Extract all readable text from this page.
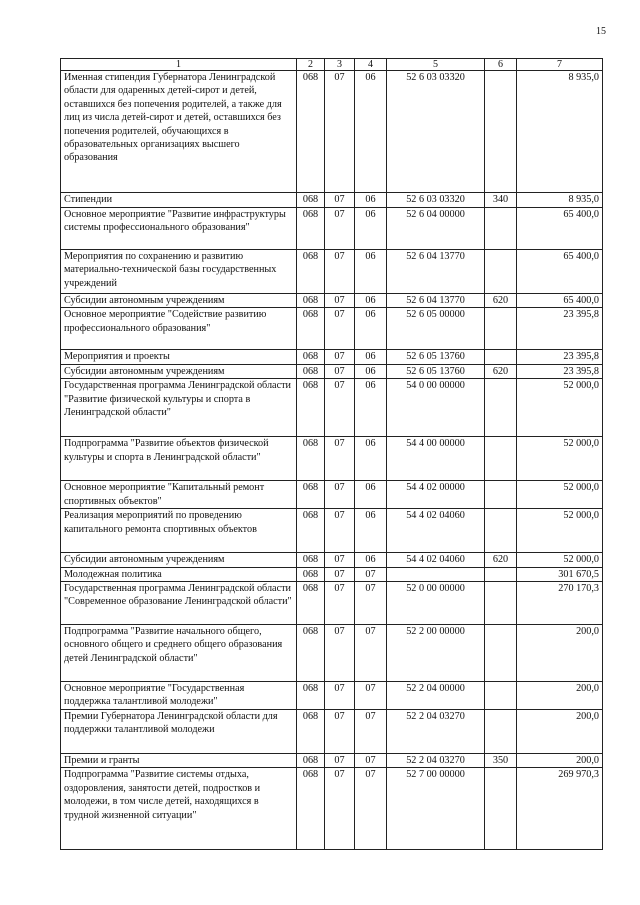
15
1	2	3	4	5	6	7
Именная стипендия Губернатора Ленинградской области для одаренных детей-сирот и детей, оставшихся без попечения родителей, а также для лиц из числа детей-сирот и детей, оставшихся без попечения родителей, обучающихся в образовательных организациях высшего образования	068	07	06	52 6 03 03320		8 935,0
Стипендии	068	07	06	52 6 03 03320	340	8 935,0
Основное мероприятие "Развитие инфраструктуры системы профессионального образования"	068	07	06	52 6 04 00000		65 400,0
Мероприятия по сохранению и развитию материально-технической базы государственных учреждений	068	07	06	52 6 04 13770		65 400,0
Субсидии автономным учреждениям	068	07	06	52 6 04 13770	620	65 400,0
Основное мероприятие "Содействие развитию профессионального образования"	068	07	06	52 6 05 00000		23 395,8
Мероприятия и проекты	068	07	06	52 6 05 13760		23 395,8
Субсидии автономным учреждениям	068	07	06	52 6 05 13760	620	23 395,8
Государственная программа Ленинградской области "Развитие физической культуры и спорта в Ленинградской области"	068	07	06	54 0 00 00000		52 000,0
Подпрограмма "Развитие объектов физической культуры и спорта в Ленинградской области"	068	07	06	54 4 00 00000		52 000,0
Основное мероприятие "Капитальный ремонт спортивных объектов"	068	07	06	54 4 02 00000		52 000,0
Реализация мероприятий по проведению капитального ремонта спортивных объектов	068	07	06	54 4 02 04060		52 000,0
Субсидии автономным учреждениям	068	07	06	54 4 02 04060	620	52 000,0
Молодежная политика	068	07	07			301 670,5
Государственная программа Ленинградской области "Современное образование Ленинградской области"	068	07	07	52 0 00 00000		270 170,3
Подпрограмма "Развитие начального общего, основного общего и среднего общего образования детей Ленинградской области"	068	07	07	52 2 00 00000		200,0
Основное мероприятие "Государственная поддержка талантливой молодежи"	068	07	07	52 2 04 00000		200,0
Премии Губернатора Ленинградской области для поддержки талантливой молодежи	068	07	07	52 2 04 03270		200,0
Премии и гранты	068	07	07	52 2 04 03270	350	200,0
Подпрограмма "Развитие системы отдыха, оздоровления, занятости детей, подростков и молодежи, в том числе детей, находящихся в трудной жизненной ситуации"	068	07	07	52 7 00 00000		269 970,3
